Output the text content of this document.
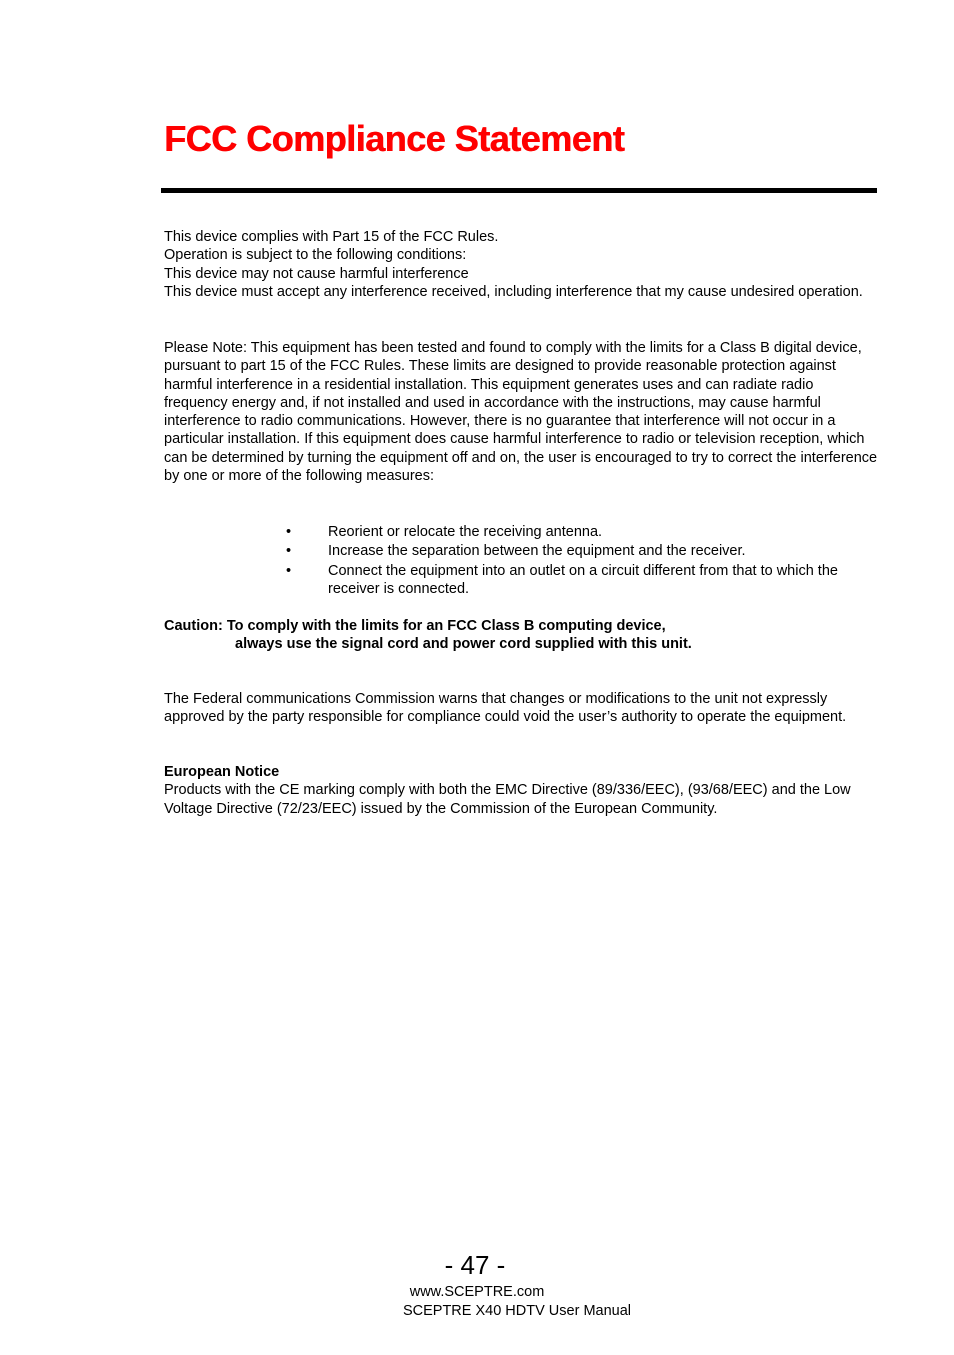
FCC Compliance Statement
This device complies with Part 15 of the FCC Rules.
Operation is subject to the following conditions:
This device may not cause harmful interference
This device must accept any interference received, including interference that my cause undesired operation.

Please Note: This equipment has been tested and found to comply with the limits for a Class B digital device, pursuant to part 15 of the FCC Rules. These limits are designed to provide reasonable protection against harmful interference in a residential installation. This equipment generates uses and can radiate radio frequency energy and, if not installed and used in accordance with the instructions, may cause harmful interference to radio communications. However, there is no guarantee that interference will not occur in a particular installation. If this equipment does cause harmful interference to radio or television reception, which can be determined by turning the equipment off and on, the user is encouraged to try to correct the interference by one or more of the following measures:

•	Reorient or relocate the receiving antenna.
•	Increase the separation between the equipment and the receiver.
•	Connect the equipment into an outlet on a circuit different from that to which the receiver is connected.
Caution: To comply with the limits for an FCC Class B computing device, always use the signal cord and power cord supplied with this unit.

The Federal communications Commission warns that changes or modifications to the unit not expressly approved by the party responsible for compliance could void the user’s authority to operate the equipment.

European Notice
Products with the CE marking comply with both the EMC Directive (89/336/EEC), (93/68/EEC) and the Low Voltage Directive (72/23/EEC) issued by the Commission of the European Community.
- 47 -
www.SCEPTRE.com
SCEPTRE X40 HDTV User Manual
